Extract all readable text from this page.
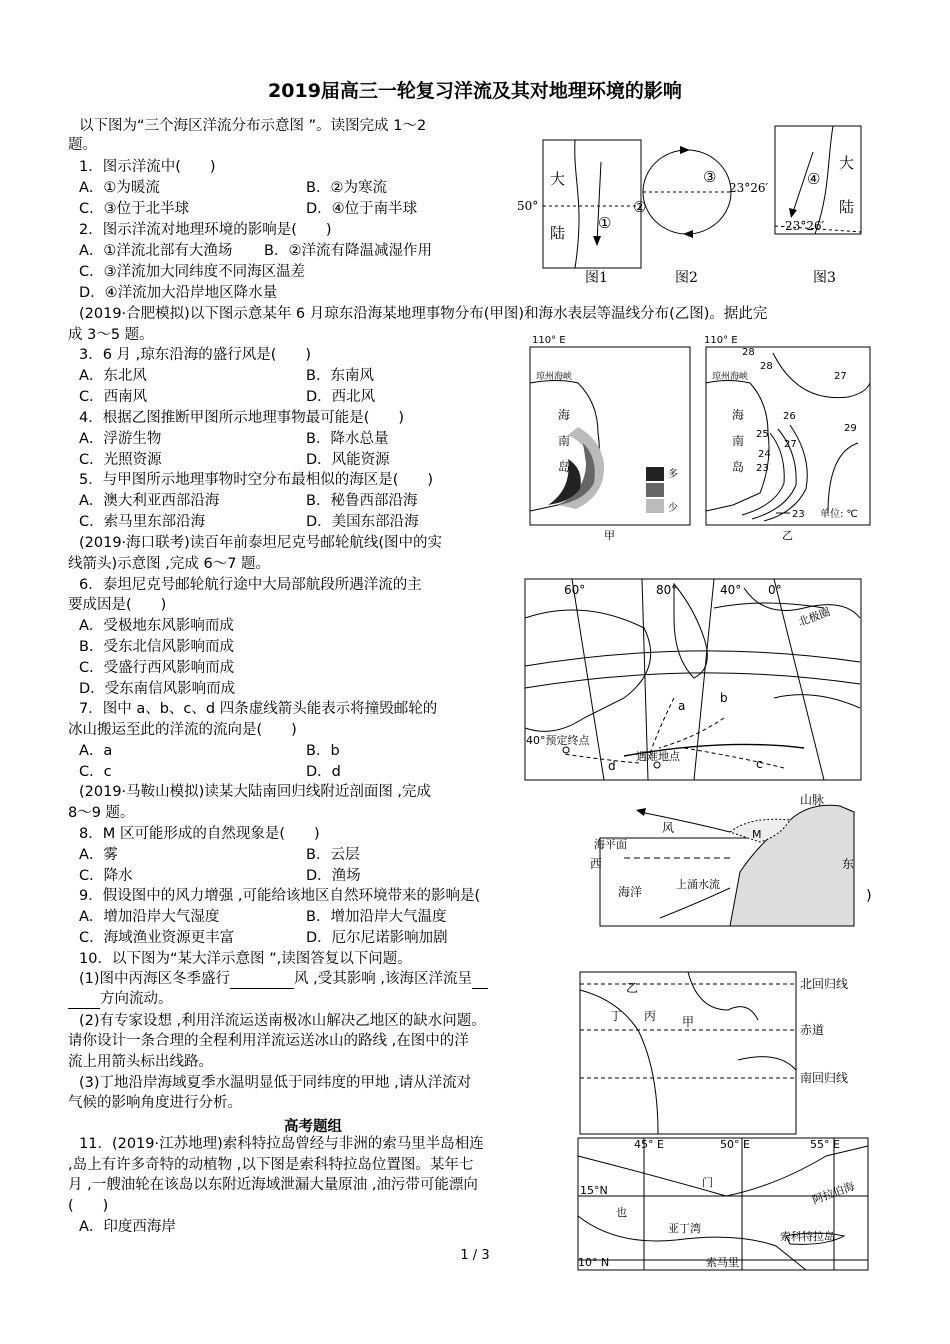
2019届高三一轮复习洋流及其对地理环境的影响
以下图为“三个海区洋流分布示意图 ”。读图完成 1～2
题。
1．图示洋流中(　　)
A．①为暖流	B．②为寒流
C．③位于北半球	D．④位于南半球
2．图示洋流对地理环境的影响是(　　)
A．①洋流北部有大渔场 B．②洋流有降温减湿作用
C．③洋流加大同纬度不同海区温差
D．④洋流加大沿岸地区降水量
(2019·合肥模拟)以下图示意某年 6 月琼东沿海某地理事物分布(甲图)和海水表层等温线分布(乙图)。据此完
成 3～5 题。
3．6 月 ,琼东沿海的盛行风是(　　)
A．东北风	B．东南风
C．西南风	D．西北风
4．根据乙图推断甲图所示地理事物最可能是(　　)
A．浮游生物	B．降水总量
C．光照资源	D．风能资源
5．与甲图所示地理事物时空分布最相似的海区是(　　)
A．澳大利亚西部沿海	B．秘鲁西部沿海
C．索马里东部沿海	D．美国东部沿海
(2019·海口联考)读百年前泰坦尼克号邮轮航线(图中的实
线箭头)示意图 ,完成 6～7 题。
6．泰坦尼克号邮轮航行途中大局部航段所遇洋流的主
要成因是(　　)
A．受极地东风影响而成
B．受东北信风影响而成
C．受盛行西风影响而成
D．受东南信风影响而成
7．图中 a、b、c、d 四条虚线箭头能表示将撞毁邮轮的
冰山搬运至此的洋流的流向是(　　)
A．a	B．b
C．c	D．d
(2019·马鞍山模拟)读某大陆南回归线附近剖面图 ,完成
8～9 题。
8．M 区可能形成的自然现象是(　　)
A．雾	B．云层
C．降水	D．渔场
9．假设图中的风力增强 ,可能给该地区自然环境带来的影响是(	)
A．增加沿岸大气湿度	B．增加沿岸大气温度
C．海域渔业资源更丰富	D．厄尔尼诺影响加剧
10．以下图为“某大洋示意图 ”,读图答复以下问题。
(1)图中丙海区冬季盛行	风 ,受其影响 ,该海区洋流呈
方向流动。
(2)有专家设想 ,利用洋流运送南极冰山解决乙地区的缺水问题。
请你设计一条合理的全程利用洋流运送冰山的路线 ,在图中的洋
流上用箭头标出线路。
(3)丁地沿岸海域夏季水温明显低于同纬度的甲地 ,请从洋流对
气候的影响角度进行分析。
高考题组
11．(2019·江苏地理)索科特拉岛曾经与非洲的索马里半岛相连
,岛上有许多奇特的动植物 ,以下图是索科特拉岛位置图。某年七
月 ,一艘油轮在该岛以东附近海域泄漏大量原油 ,油污带可能漂向
(　　)
A．印度西海岸
大
陆
50°
①
图1
②
③
23°26′
图2
大
陆
④
-23°26′
图3
110° E
琼州海峡
海
南
岛
多
少
甲
110° E
琼州海峡
海
南
岛
28
28
27
26
27
25
24
23
29
23 单位: ℃
乙
60°	80°	40° 0°
北极圈
40°预定终点
遇难地点
a
b
c
d
山脉
风
海平面
M
西	东
海洋
上涌水流
乙
丁 丙 甲
北回归线
赤道
南回归线
45° E	50° E	55° E
15°N
10° N
门
也
亚丁湾
阿拉伯海
索科特拉岛
索马里
1 / 3
